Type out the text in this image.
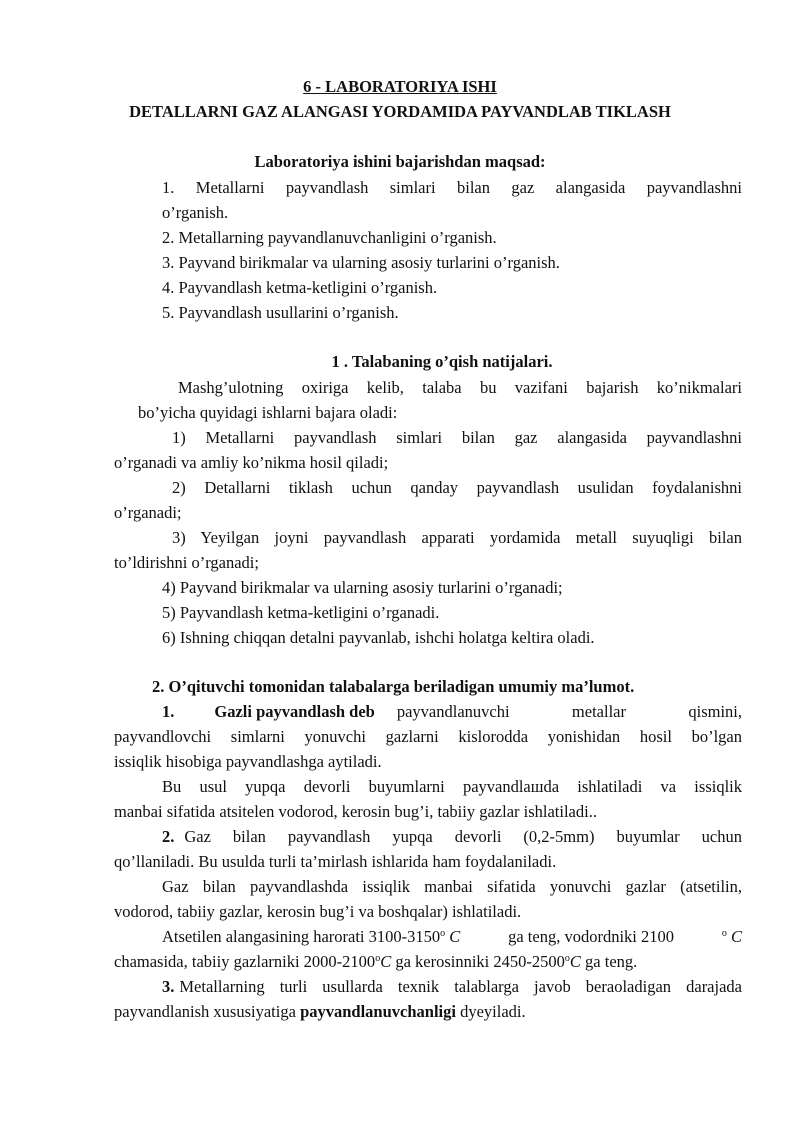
6 - LABORATORIYA ISHI

DETALLARNI GAZ ALANGASI YORDAMIDA PAYVANDLAB TIKLASH

Laboratoriya ishini bajarishdan maqsad:

1. Metallarni payvandlash simlari bilan gaz alangasida payvandlashni

o’rganish.

2. Metallarning payvandlanuvchanligini o’rganish.

3. Payvand birikmalar va ularning asosiy turlarini o’rganish.

4. Payvandlash ketma-ketligini o’rganish.

5. Payvandlash usullarini o’rganish.

1 . Talabaning o’qish natijalari.

Mashg’ulotning oxiriga kelib, talaba bu vazifani bajarish ko’nikmalari

bo’yicha quyidagi ishlarni bajara oladi:

1) Metallarni payvandlash simlari bilan gaz alangasida payvandlashni

o’rganadi va amliy ko’nikma hosil qiladi;

2) Detallarni tiklash uchun qanday payvandlash usulidan foydalanishni

o’rganadi;

3) Yeyilgan joyni payvandlash apparati yordamida metall suyuqligi bilan

to’ldirishni o’rganadi;

4) Payvand birikmalar va ularning asosiy turlarini o’rganadi;

5) Payvandlash ketma-ketligini o’rganadi.

6) Ishning chiqqan detalni payvanlab, ishchi holatga keltira oladi.

2. O’qituvchi tomonidan talabalarga beriladigan umumiy ma’lumot.

1. Gazli payvandlash deb payvandlanuvchi metallar qismini,

payvandlovchi simlarni yonuvchi gazlarni kislorodda yonishidan hosil bo’lgan

issiqlik hisobiga payvandlashga aytiladi.

Bu usul yupqa devorli buyumlarni payvandlaшda ishlatiladi va issiqlik

manbai sifatida atsitelen vodorod, kerosin bug’i, tabiiy gazlar ishlatiladi..

2. Gaz bilan payvandlash yupqa devorli (0,2-5mm) buyumlar uchun

qo’llaniladi. Bu usulda turli ta’mirlash ishlarida ham foydalaniladi.

Gaz bilan payvandlashda issiqlik manbai sifatida yonuvchi gazlar (atsetilin,

vodorod, tabiiy gazlar, kerosin bug’i va boshqalar) ishlatiladi.

Atsetilen alangasining harorati 3100-3150$^o$ C	ga teng, vodordniki 2100	$^o$ C

chamasida, tabiiy gazlarniki 2000-2100$^o$C ga kerosinniki 2450-2500$^o$C ga teng.

3. Metallarning turli usullarda texnik talablarga javob beraoladigan darajada

payvandlanish xususiyatiga payvandlanuvchanligi dyeyiladi.
